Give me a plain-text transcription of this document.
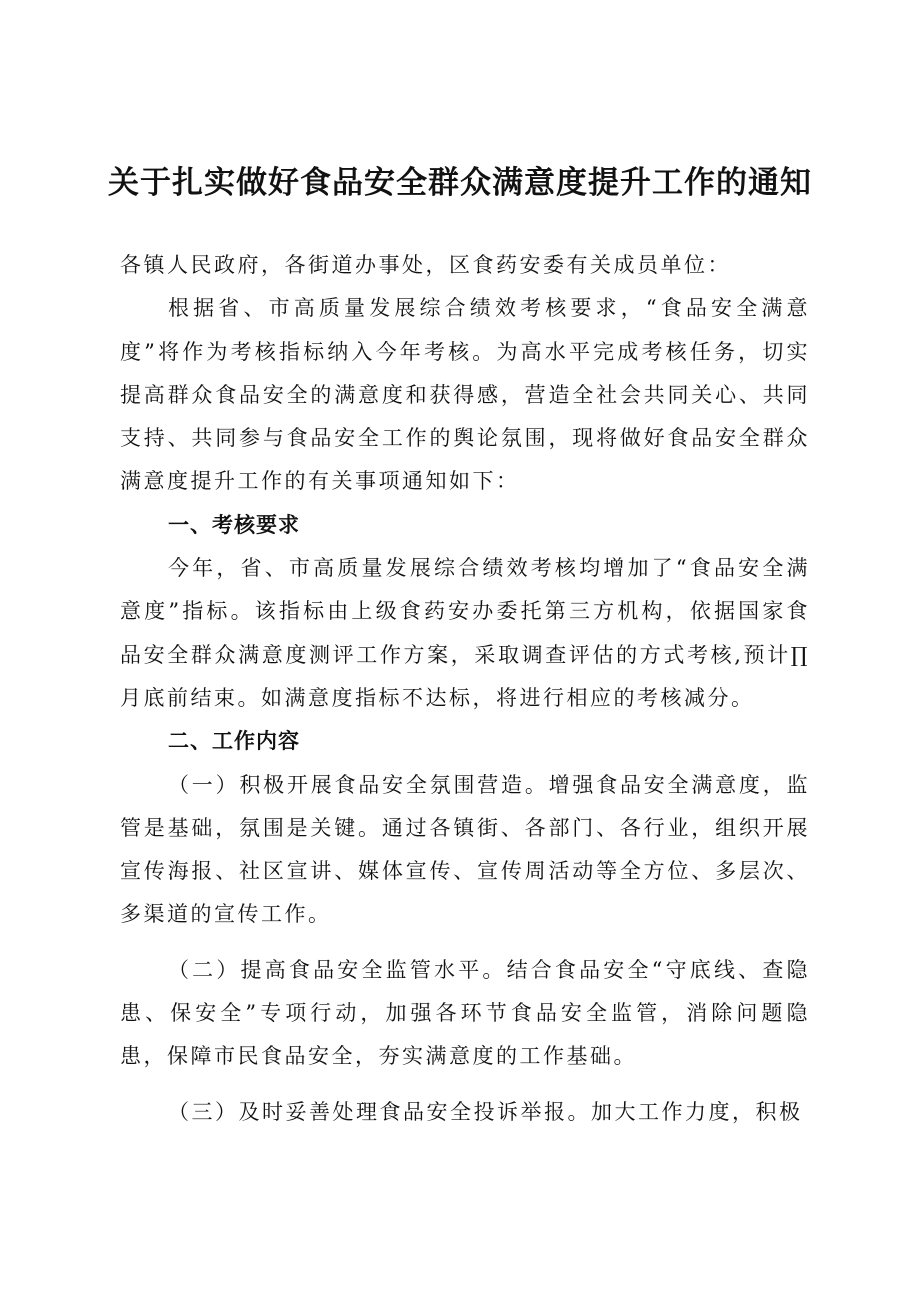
关于扎实做好食品安全群众满意度提升工作的通知

各镇人民政府，各街道办事处，区食药安委有关成员单位：

根据省、市高质量发展综合绩效考核要求，“食品安全满意度”将作为考核指标纳入今年考核。为高水平完成考核任务，切实提高群众食品安全的满意度和获得感，营造全社会共同关心、共同支持、共同参与食品安全工作的舆论氛围，现将做好食品安全群众满意度提升工作的有关事项通知如下：

一、考核要求

今年，省、市高质量发展综合绩效考核均增加了“食品安全满意度”指标。该指标由上级食药安办委托第三方机构，依据国家食品安全群众满意度测评工作方案，采取调查评估的方式考核,预计∏月底前结束。如满意度指标不达标，将进行相应的考核减分。

二、工作内容

（一）积极开展食品安全氛围营造。增强食品安全满意度，监管是基础，氛围是关键。通过各镇街、各部门、各行业，组织开展宣传海报、社区宣讲、媒体宣传、宣传周活动等全方位、多层次、多渠道的宣传工作。

（二）提高食品安全监管水平。结合食品安全“守底线、查隐患、保安全”专项行动，加强各环节食品安全监管，消除问题隐患，保障市民食品安全，夯实满意度的工作基础。

（三）及时妥善处理食品安全投诉举报。加大工作力度，积极
